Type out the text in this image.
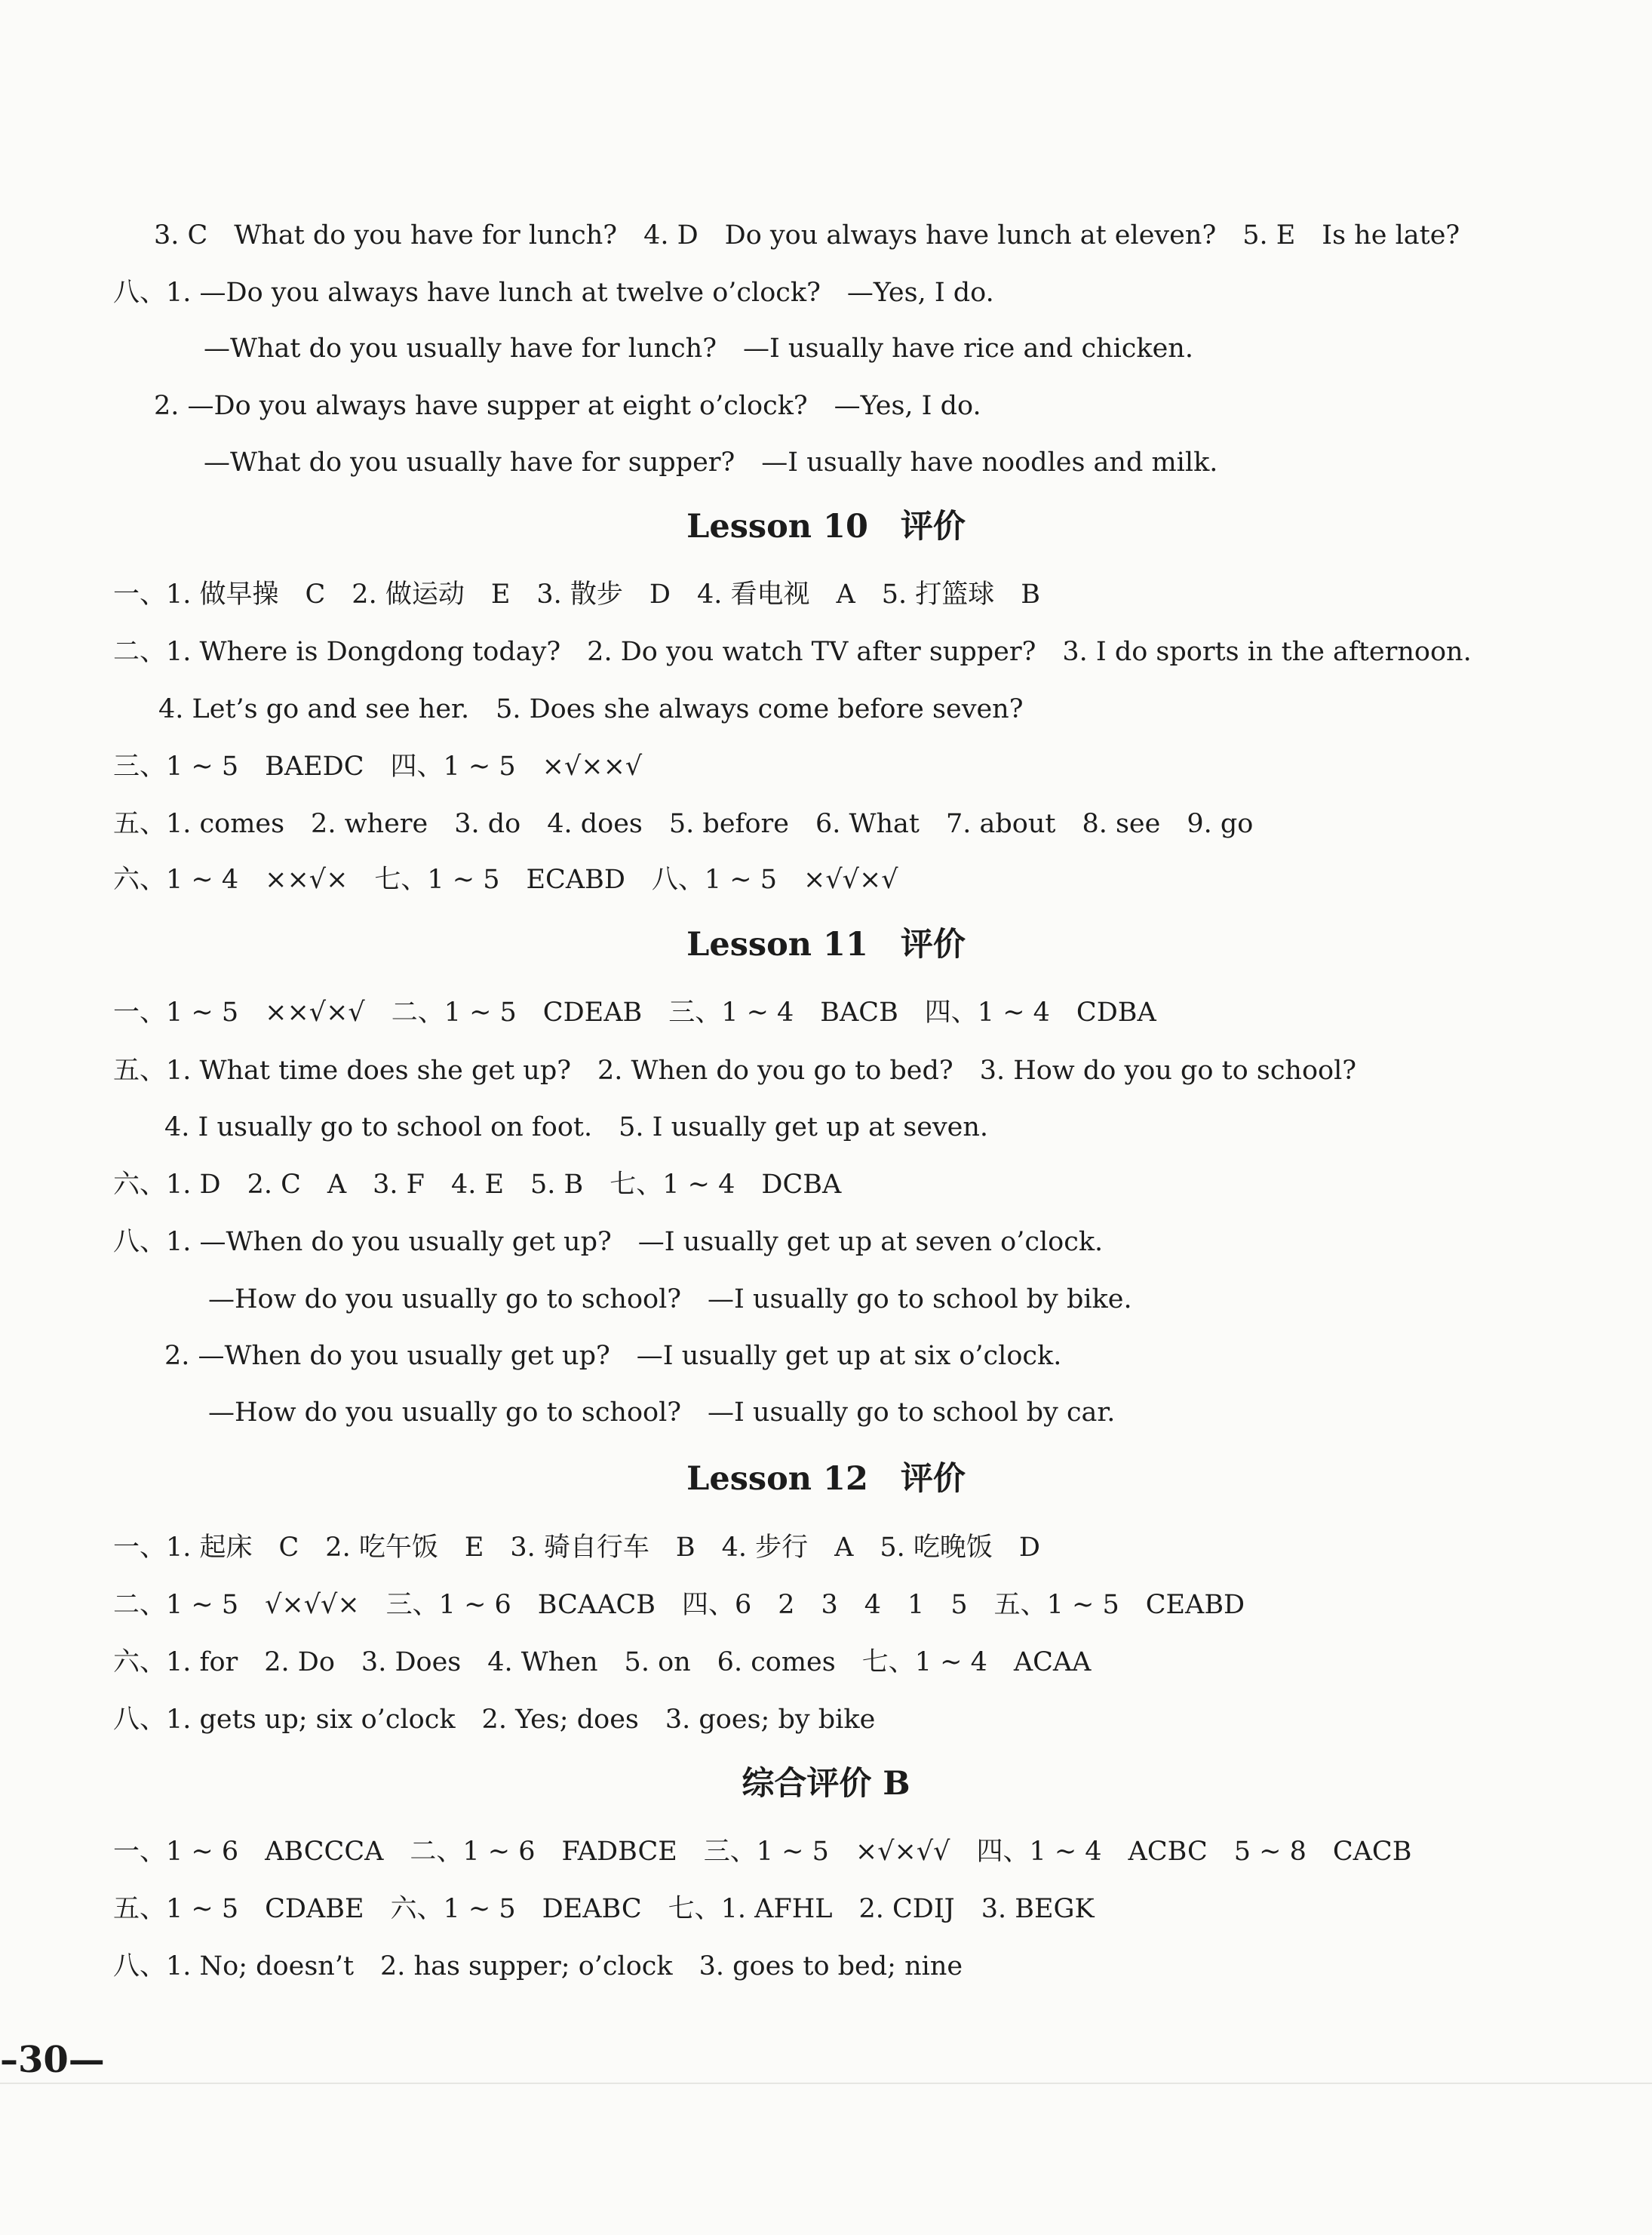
3. C　What do you have for lunch?　4. D　Do you always have lunch at eleven?　5. E　Is he late?
八、1. —Do you always have lunch at twelve o’clock?　—Yes, I do.
—What do you usually have for lunch?　—I usually have rice and chicken.
2. —Do you always have supper at eight o’clock?　—Yes, I do.
—What do you usually have for supper?　—I usually have noodles and milk.
Lesson 10　评价
一、1. 做早操　C　2. 做运动　E　3. 散步　D　4. 看电视　A　5. 打篮球　B
二、1. Where is Dongdong today?　2. Do you watch TV after supper?　3. I do sports in the afternoon.
4. Let’s go and see her.　5. Does she always come before seven?
三、1 ~ 5　BAEDC　四、1 ~ 5　×√××√
五、1. comes　2. where　3. do　4. does　5. before　6. What　7. about　8. see　9. go
六、1 ~ 4　××√×　七、1 ~ 5　ECABD　八、1 ~ 5　×√√×√
Lesson 11　评价
一、1 ~ 5　××√×√　二、1 ~ 5　CDEAB　三、1 ~ 4　BACB　四、1 ~ 4　CDBA
五、1. What time does she get up?　2. When do you go to bed?　3. How do you go to school?
4. I usually go to school on foot.　5. I usually get up at seven.
六、1. D　2. C　A　3. F　4. E　5. B　七、1 ~ 4　DCBA
八、1. —When do you usually get up?　—I usually get up at seven o’clock.
—How do you usually go to school?　—I usually go to school by bike.
2. —When do you usually get up?　—I usually get up at six o’clock.
—How do you usually go to school?　—I usually go to school by car.
Lesson 12　评价
一、1. 起床　C　2. 吃午饭　E　3. 骑自行车　B　4. 步行　A　5. 吃晚饭　D
二、1 ~ 5　√×√√×　三、1 ~ 6　BCAACB　四、6　2　3　4　1　5　五、1 ~ 5　CEABD
六、1. for　2. Do　3. Does　4. When　5. on　6. comes　七、1 ~ 4　ACAA
八、1. gets up; six o’clock　2. Yes; does　3. goes; by bike
综合评价 B
一、1 ~ 6　ABCCCA　二、1 ~ 6　FADBCE　三、1 ~ 5　×√×√√　四、1 ~ 4　ACBC　5 ~ 8　CACB
五、1 ~ 5　CDABE　六、1 ~ 5　DEABC　七、1. AFHL　2. CDIJ　3. BEGK
八、1. No; doesn’t　2. has supper; o’clock　3. goes to bed; nine
–30—
